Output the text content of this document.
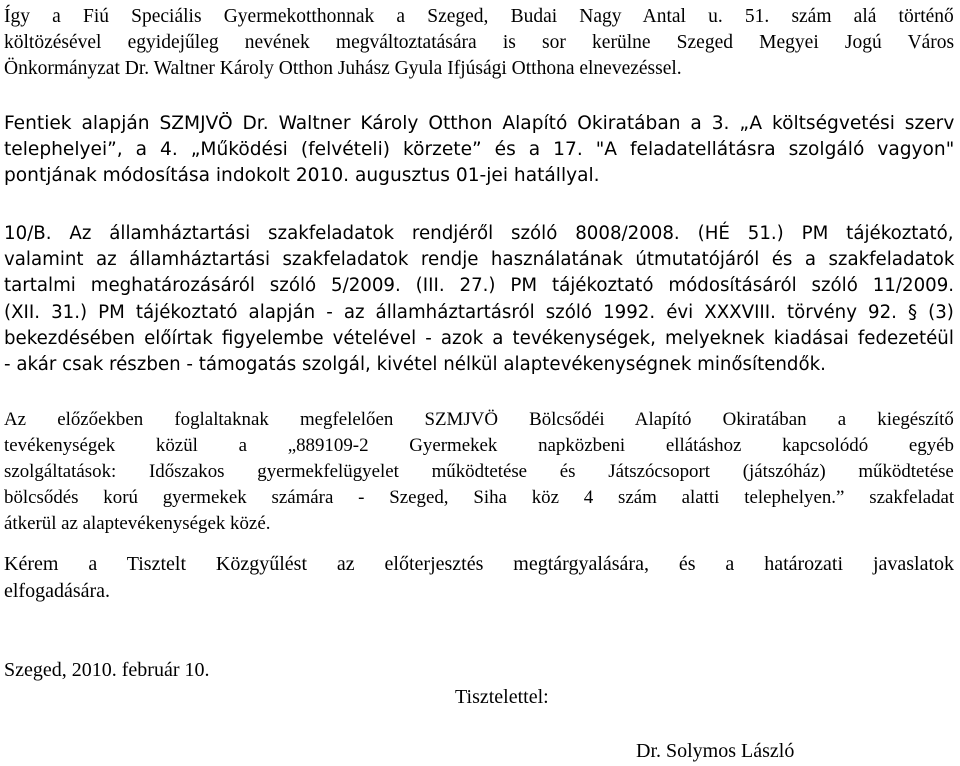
Így a Fiú Speciális Gyermekotthonnak a Szeged, Budai Nagy Antal u. 51. szám alá történő
költözésével egyidejűleg nevének megváltoztatására is sor kerülne Szeged Megyei Jogú Város
Önkormányzat Dr. Waltner Károly Otthon Juhász Gyula Ifjúsági Otthona elnevezéssel.
Fentiek alapján SZMJVÖ Dr. Waltner Károly Otthon Alapító Okiratában a 3. „A költségvetési szerv
telephelyei”, a 4. „Működési (felvételi) körzete” és a 17. "A feladatellátásra szolgáló vagyon"
pontjának módosítása indokolt 2010. augusztus 01-jei hatállyal.
10/B. Az államháztartási szakfeladatok rendjéről szóló 8008/2008. (HÉ 51.) PM tájékoztató,
valamint az államháztartási szakfeladatok rendje használatának útmutatójáról és a szakfeladatok
tartalmi meghatározásáról szóló 5/2009. (III. 27.) PM tájékoztató módosításáról szóló 11/2009.
(XII. 31.) PM tájékoztató alapján - az államháztartásról szóló 1992. évi XXXVIII. törvény 92. § (3)
bekezdésében előírtak figyelembe vételével - azok a tevékenységek, melyeknek kiadásai fedezetéül
- akár csak részben - támogatás szolgál, kivétel nélkül alaptevékenységnek minősítendők.
Az előzőekben foglaltaknak megfelelően SZMJVÖ Bölcsődéi Alapító Okiratában a kiegészítő
tevékenységek közül a „889109-2 Gyermekek napközbeni ellátáshoz kapcsolódó egyéb
szolgáltatások: Időszakos gyermekfelügyelet működtetése és Játszócsoport (játszóház) működtetése
bölcsődés korú gyermekek számára - Szeged, Siha köz 4 szám alatti telephelyen.” szakfeladat
átkerül az alaptevékenységek közé.
Kérem a Tisztelt Közgyűlést az előterjesztés megtárgyalására, és a határozati javaslatok
elfogadására.
Szeged, 2010. február 10.
Tisztelettel:
Dr. Solymos László
